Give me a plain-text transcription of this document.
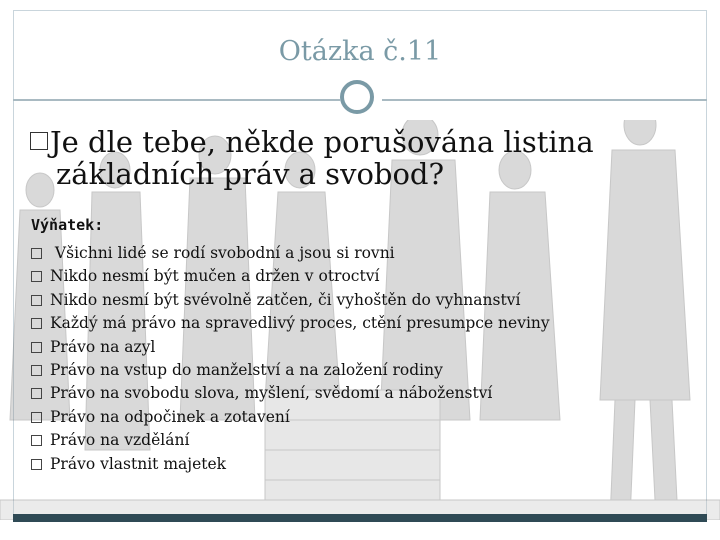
Otázka č.11
Je dle tebe, někde porušována listina
základních práv a svobod?
Výňatek:
Všichni lidé se rodí svobodní a jsou si rovni
Nikdo nesmí být mučen a držen v otroctví
Nikdo nesmí být svévolně zatčen, či vyhoštěn do vyhnanství
Každý má právo na spravedlivý proces, ctění presumpce neviny
Právo na azyl
Právo na vstup do manželství a na založení rodiny
Právo na svobodu slova, myšlení, svědomí a náboženství
Právo na odpočinek a zotavení
Právo na vzdělání
Právo vlastnit majetek
